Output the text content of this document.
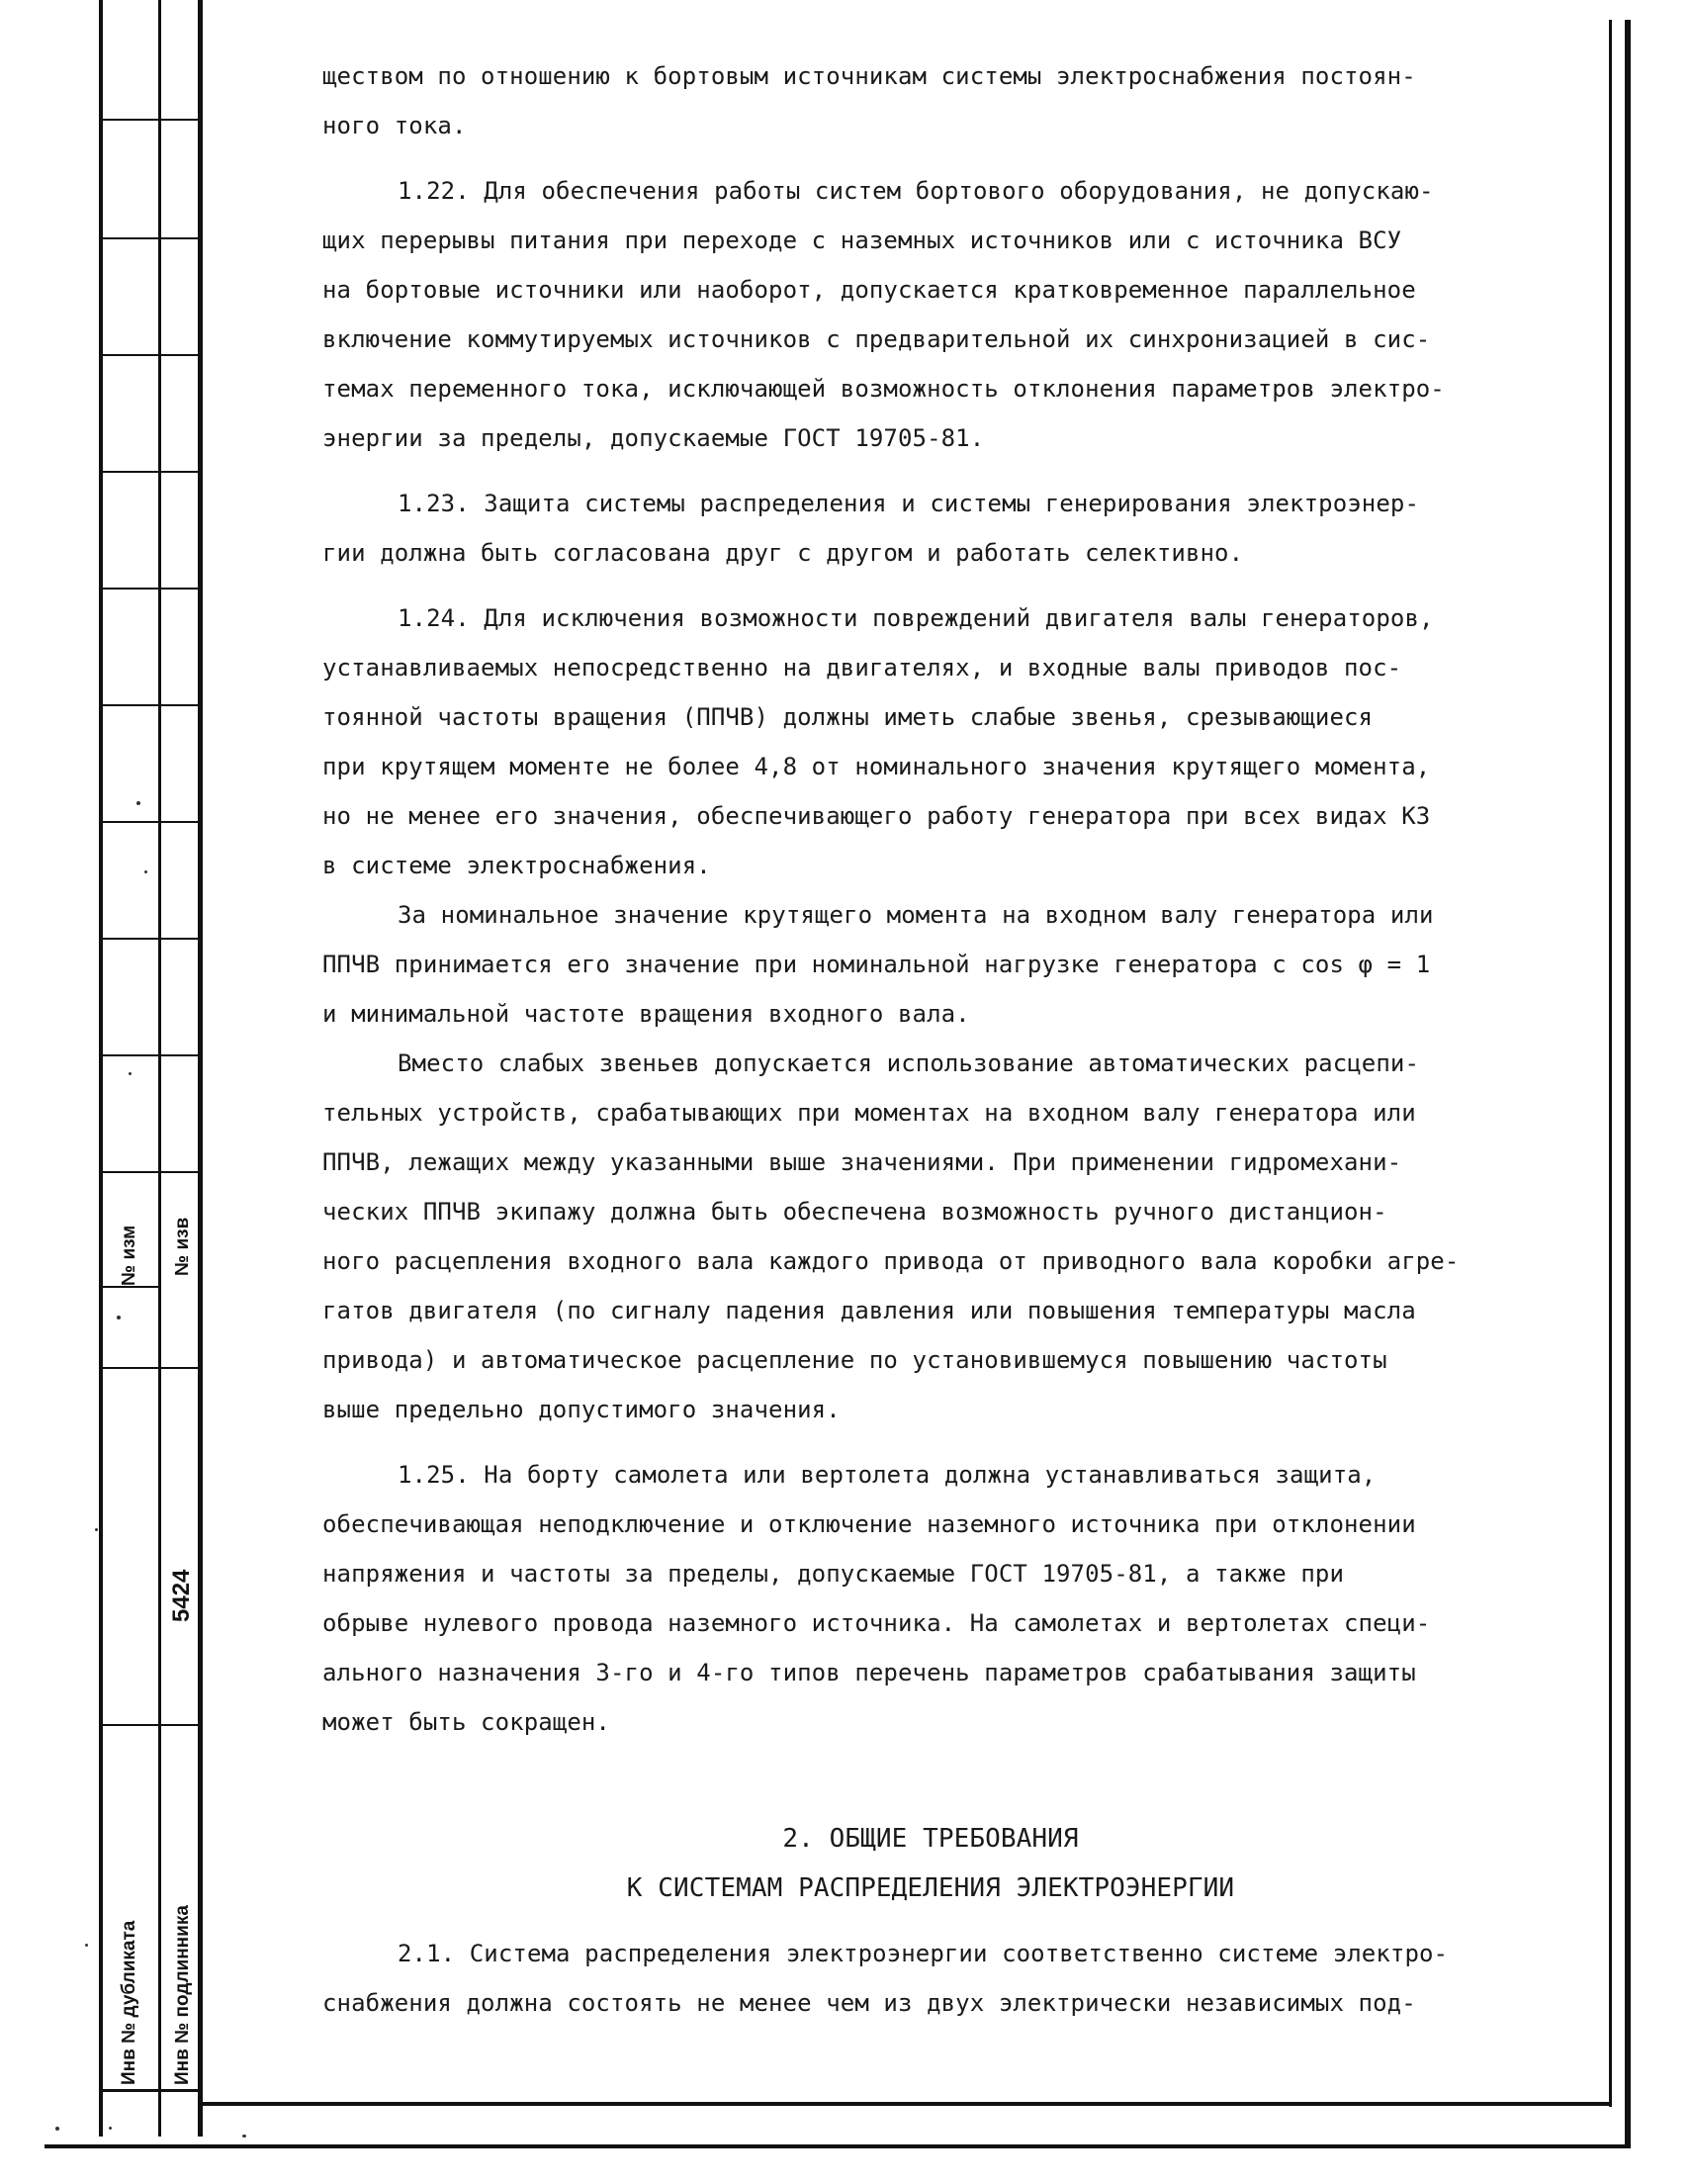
№ изм № изв
5424
Инв № дубликата Инв № подлинника
ществом по отношению к бортовым источникам системы электроснабжения постоян-
ного тока.
1.22. Для обеспечения работы систем бортового оборудования, не допускаю-
щих перерывы питания при переходе с наземных источников или с источника ВСУ
на бортовые источники или наоборот, допускается кратковременное параллельное
включение коммутируемых источников с предварительной их синхронизацией в сис-
темах переменного тока, исключающей возможность отклонения параметров электро-
энергии за пределы, допускаемые ГОСТ 19705-81.
1.23. Защита системы распределения и системы генерирования электроэнер-
гии должна быть согласована друг с другом и работать селективно.
1.24. Для исключения возможности повреждений двигателя валы генераторов,
устанавливаемых непосредственно на двигателях, и входные валы приводов пос-
тоянной частоты вращения (ППЧВ) должны иметь слабые звенья, срезывающиеся
при крутящем моменте не более 4,8 от номинального значения крутящего момента,
но не менее его значения, обеспечивающего работу генератора при всех видах КЗ
в системе электроснабжения.
За номинальное значение крутящего момента на входном валу генератора или
ППЧВ принимается его значение при номинальной нагрузке генератора с cos φ = 1
и минимальной частоте вращения входного вала.
Вместо слабых звеньев допускается использование автоматических расцепи-
тельных устройств, срабатывающих при моментах на входном валу генератора или
ППЧВ, лежащих между указанными выше значениями. При применении гидромехани-
ческих ППЧВ экипажу должна быть обеспечена возможность ручного дистанцион-
ного расцепления входного вала каждого привода от приводного вала коробки агре-
гатов двигателя (по сигналу падения давления или повышения температуры масла
привода) и автоматическое расцепление по установившемуся повышению частоты
выше предельно допустимого значения.
1.25. На борту самолета или вертолета должна устанавливаться защита,
обеспечивающая неподключение и отключение наземного источника при отклонении
напряжения и частоты за пределы, допускаемые ГОСТ 19705-81, а также при
обрыве нулевого провода наземного источника. На самолетах и вертолетах специ-
ального назначения 3-го и 4-го типов перечень параметров срабатывания защиты
может быть сокращен.
2. ОБЩИЕ ТРЕБОВАНИЯ
К СИСТЕМАМ РАСПРЕДЕЛЕНИЯ ЭЛЕКТРОЭНЕРГИИ
2.1. Система распределения электроэнергии соответственно системе электро-
снабжения должна состоять не менее чем из двух электрически независимых под-
